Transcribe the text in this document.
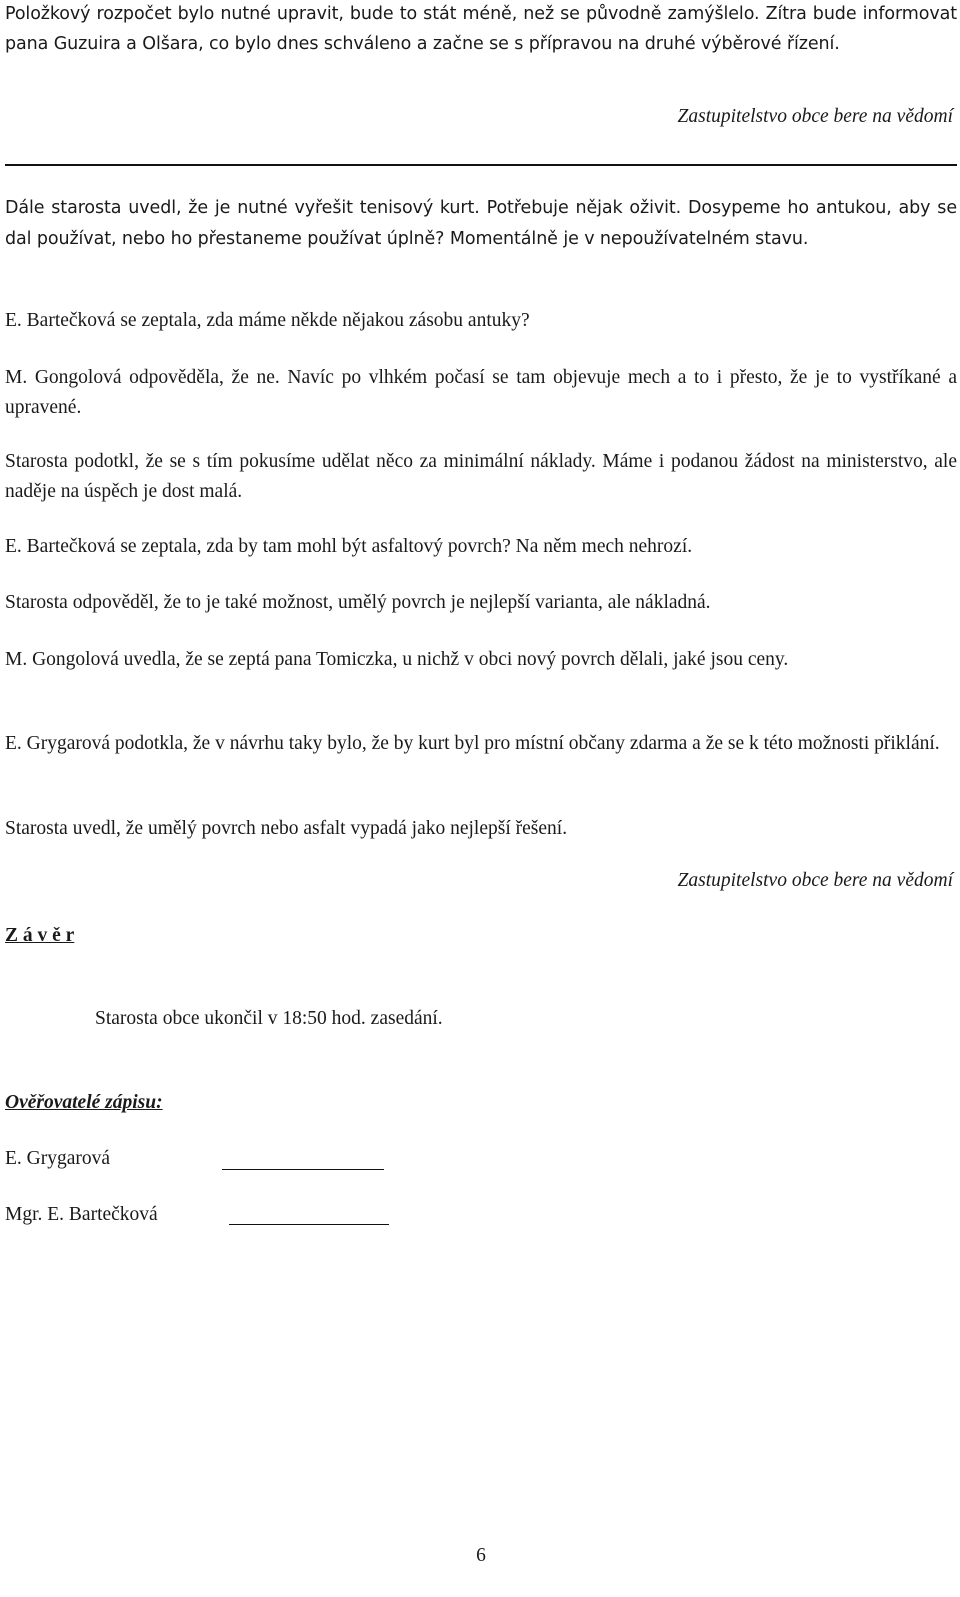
Položkový rozpočet bylo nutné upravit, bude to stát méně, než se původně zamýšlelo. Zítra bude informovat pana Guzuira a Olšara, co bylo dnes schváleno a začne se s přípravou na druhé výběrové řízení.

Zastupitelstvo obce bere na vědomí

Dále starosta uvedl, že je nutné vyřešit tenisový kurt. Potřebuje nějak oživit. Dosypeme ho antukou, aby se dal používat, nebo ho přestaneme používat úplně? Momentálně je v nepoužívatelném stavu.

E. Bartečková se zeptala, zda máme někde nějakou zásobu antuky?

M. Gongolová odpověděla, že ne. Navíc po vlhkém počasí se tam objevuje mech a to i přesto, že je to vystříkané a upravené.

Starosta podotkl, že se s tím pokusíme udělat něco za minimální náklady. Máme i podanou žádost na ministerstvo, ale naděje na úspěch je dost malá.

E. Bartečková se zeptala, zda by tam mohl být asfaltový povrch? Na něm mech nehrozí.

Starosta odpověděl, že to je také možnost, umělý povrch je nejlepší varianta, ale nákladná.

M. Gongolová uvedla, že se zeptá pana Tomiczka, u nichž v obci nový povrch dělali, jaké jsou ceny.

E. Grygarová podotkla, že v návrhu taky bylo, že by kurt byl pro místní občany zdarma a že se k této možnosti přiklání.

Starosta uvedl, že umělý povrch nebo asfalt vypadá jako nejlepší řešení.

Zastupitelstvo obce bere na vědomí
Z á v ě r
Starosta obce ukončil v 18:50 hod. zasedání.
Ověřovatelé zápisu:
E. Grygarová
Mgr. E. Bartečková
6
